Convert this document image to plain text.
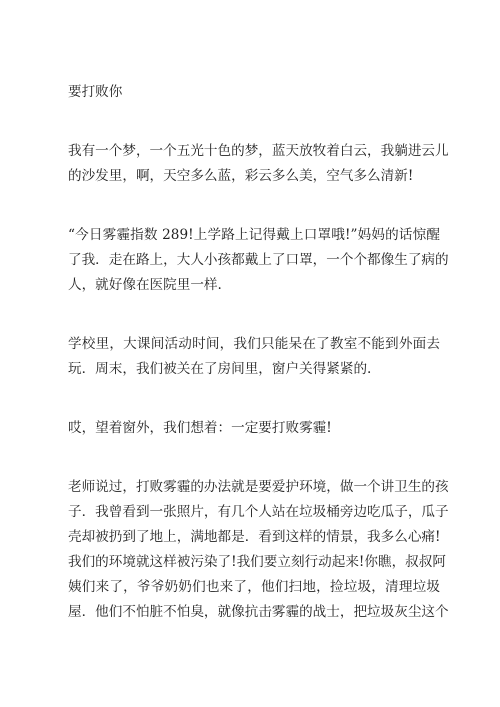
要打败你

我有一个梦，一个五光十色的梦，蓝天放牧着白云，我躺进云儿
的沙发里，啊，天空多么蓝，彩云多么美，空气多么清新!

“今日雾霾指数 289!上学路上记得戴上口罩哦!”妈妈的话惊醒
了我．走在路上，大人小孩都戴上了口罩，一个个都像生了病的
人，就好像在医院里一样.

学校里，大课间活动时间，我们只能呆在了教室不能到外面去
玩．周末，我们被关在了房间里，窗户关得紧紧的.

哎，望着窗外，我们想着：一定要打败雾霾!

老师说过，打败雾霾的办法就是要爱护环境，做一个讲卫生的孩
子．我曾看到一张照片，有几个人站在垃圾桶旁边吃瓜子，瓜子
壳却被扔到了地上，满地都是．看到这样的情景，我多么心痛!
我们的环境就这样被污染了!我们要立刻行动起来!你瞧，叔叔阿
姨们来了，爷爷奶奶们也来了，他们扫地，捡垃圾，清理垃圾
屋．他们不怕脏不怕臭，就像抗击雾霾的战士，把垃圾灰尘这个
